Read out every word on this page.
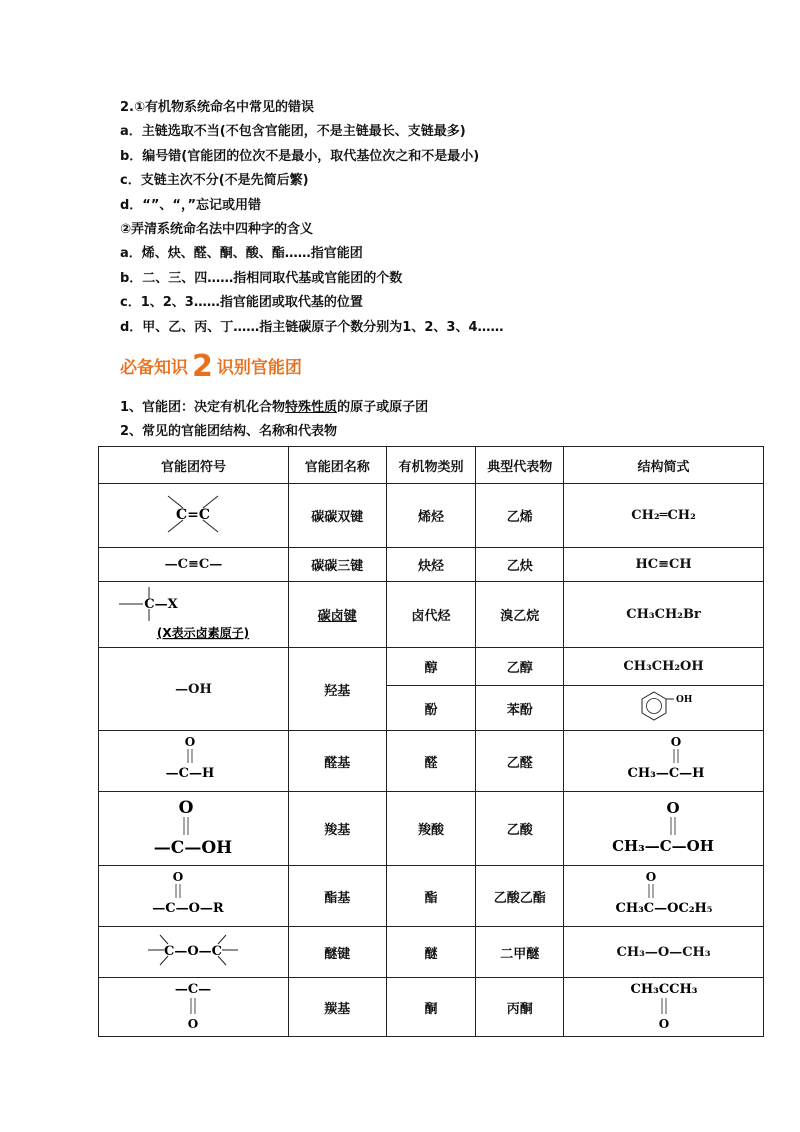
2.①有机物系统命名中常见的错误
a．主链选取不当(不包含官能团，不是主链最长、支链最多)
b．编号错(官能团的位次不是最小，取代基位次之和不是最小)
c．支链主次不分(不是先简后繁)
d．“”、“，”忘记或用错
②弄清系统命名法中四种字的含义
a．烯、炔、醛、酮、酸、酯……指官能团
b．二、三、四……指相同取代基或官能团的个数
c．1、2、3……指官能团或取代基的位置
d．甲、乙、丙、丁……指主链碳原子个数分别为1、2、3、4……
必备知识 2 识别官能团
1、官能团：决定有机化合物特殊性质的原子或原子团
2、常见的官能团结构、名称和代表物
官能团符号	官能团名称	有机物类别	典型代表物	结构简式

C=C	碳碳双键	烯烃	乙烯	CH₂═CH₂
—C≡C—	碳碳三键	炔烃	乙炔	HC≡CH

C—X
(X表示卤素原子)	碳卤键	卤代烃	溴乙烷	CH₃CH₂Br
—OH	羟基	醇	乙醇	CH₃CH₂OH
		酚	苯酚	OH

O
—C—H	醛基	醛	乙醛	O
CH₃—C—H

O
—C—OH	羧基	羧酸	乙酸	O
CH₃—C—OH

O
—C—O—R	酯基	酯	乙酸乙酯	O
CH₃C—OC₂H₅

C—O—C	醚键	醚	二甲醚	CH₃—O—CH₃

—C—
O	羰基	酮	丙酮	CH₃CCH₃
O
